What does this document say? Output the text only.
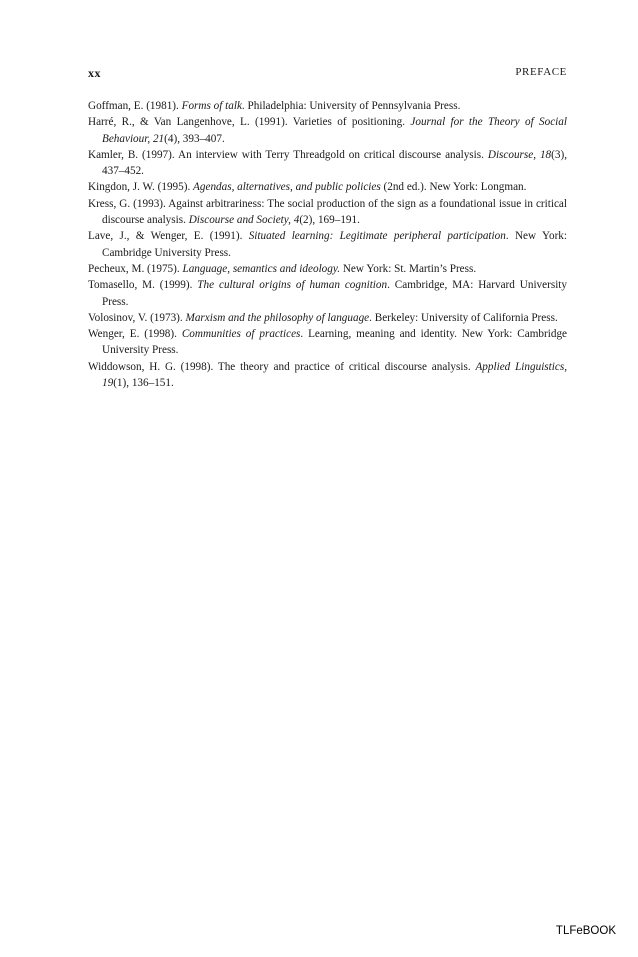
xx	PREFACE

Goffman, E. (1981). Forms of talk. Philadelphia: University of Pennsylvania Press.

Harré, R., & Van Langenhove, L. (1991). Varieties of positioning. Journal for the Theory of Social Behaviour, 21(4), 393–407.

Kamler, B. (1997). An interview with Terry Threadgold on critical discourse analysis. Discourse, 18(3), 437–452.

Kingdon, J. W. (1995). Agendas, alternatives, and public policies (2nd ed.). New York: Longman.

Kress, G. (1993). Against arbitrariness: The social production of the sign as a foundational issue in critical discourse analysis. Discourse and Society, 4(2), 169–191.

Lave, J., & Wenger, E. (1991). Situated learning: Legitimate peripheral participation. New York: Cambridge University Press.

Pecheux, M. (1975). Language, semantics and ideology. New York: St. Martin’s Press.

Tomasello, M. (1999). The cultural origins of human cognition. Cambridge, MA: Harvard University Press.

Volosinov, V. (1973). Marxism and the philosophy of language. Berkeley: University of California Press.

Wenger, E. (1998). Communities of practices. Learning, meaning and identity. New York: Cambridge University Press.

Widdowson, H. G. (1998). The theory and practice of critical discourse analysis. Applied Linguistics, 19(1), 136–151.

TLFeBOOK
